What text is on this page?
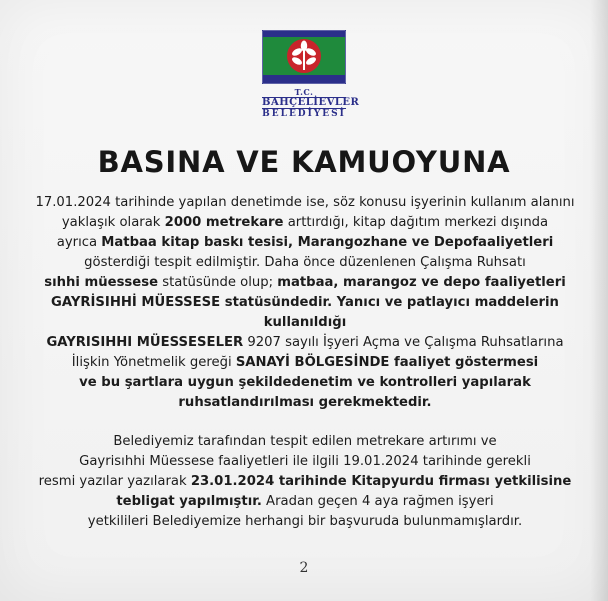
T.C.
BAHÇELİEVLER
BELEDİYESİ
BASINA VE KAMUOYUNA

17.01.2024 tarihinde yapılan denetimde ise, söz konusu işyerinin kullanım alanını

yaklaşık olarak 2000 metrekare arttırdığı, kitap dağıtım merkezi dışında

ayrıca Matbaa kitap baskı tesisi, Marangozhane ve Depofaaliyetleri

gösterdiği tespit edilmiştir. Daha önce düzenlenen Çalışma Ruhsatı

sıhhi müessese statüsünde olup; matbaa, marangoz ve depo faaliyetleri

GAYRİSIHHİ MÜESSESE statüsündedir. Yanıcı ve patlayıcı maddelerin kullanıldığı

GAYRISIHHI MÜESSESELER 9207 sayılı İşyeri Açma ve Çalışma Ruhsatlarına

İlişkin Yönetmelik gereği SANAYİ BÖLGESİNDE faaliyet göstermesi

ve bu şartlara uygun şekildedenetim ve kontrolleri yapılarak

ruhsatlandırılması gerekmektedir.

Belediyemiz tarafından tespit edilen metrekare artırımı ve

Gayrisıhhi Müessese faaliyetleri ile ilgili 19.01.2024 tarihinde gerekli

resmi yazılar yazılarak 23.01.2024 tarihinde Kitapyurdu firması yetkilisine

tebligat yapılmıştır. Aradan geçen 4 aya rağmen işyeri

yetkilileri Belediyemize herhangi bir başvuruda bulunmamışlardır.

2
